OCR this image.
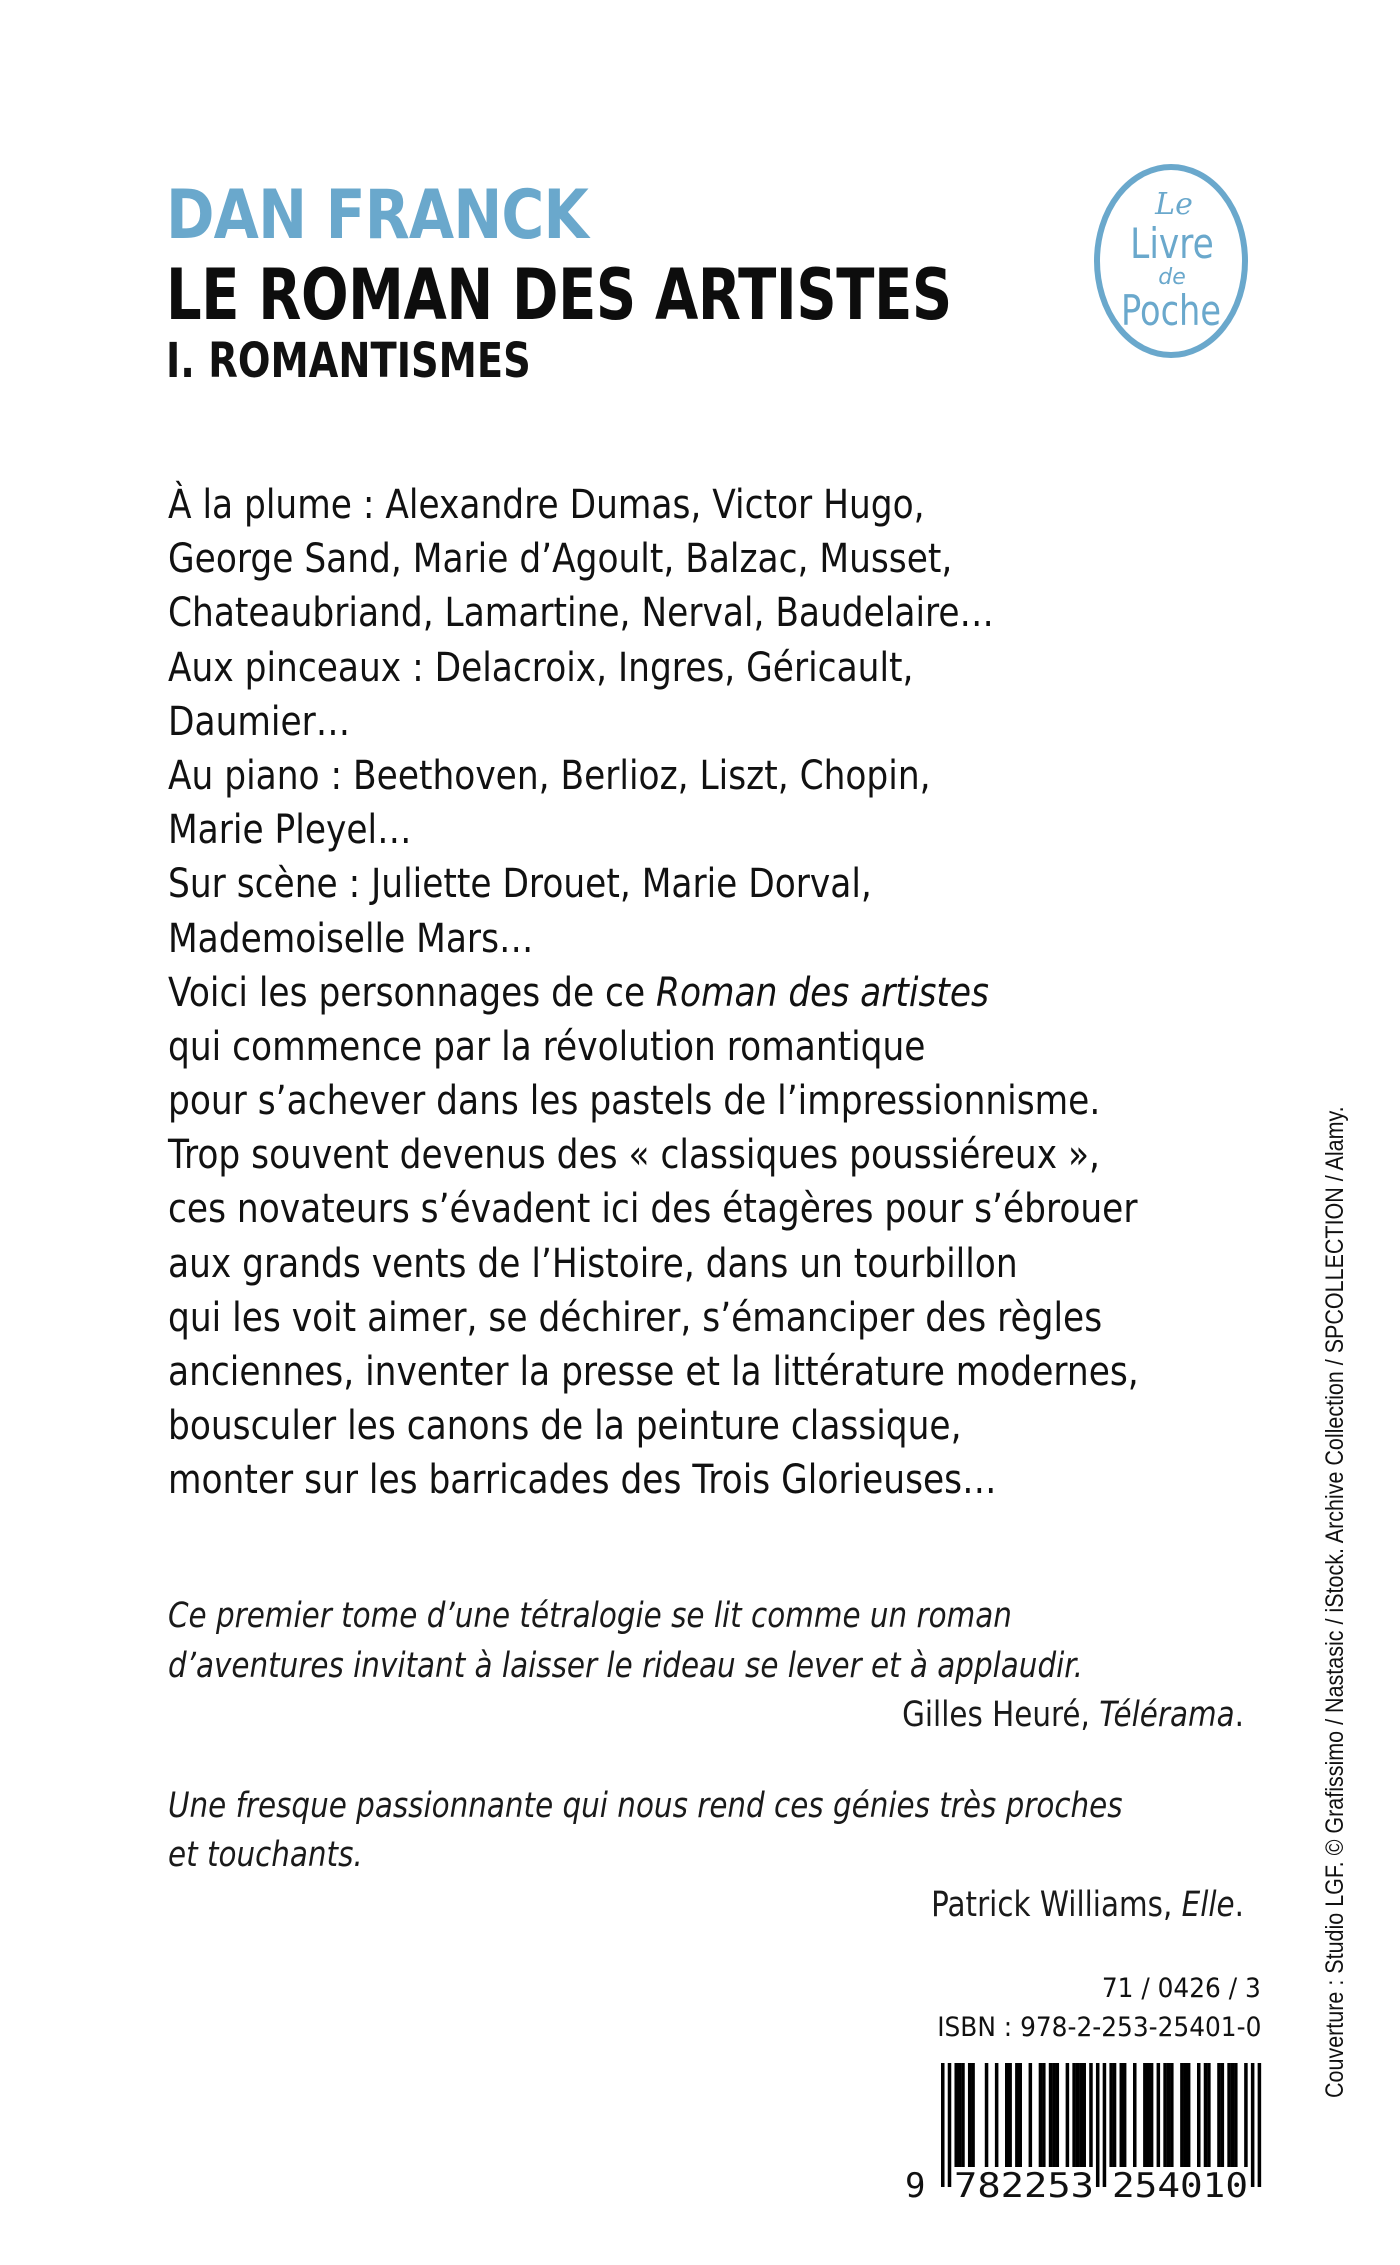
DAN FRANCK
LE ROMAN DES ARTISTES
I. ROMANTISMES
Le
Livre
de
Poche
À la plume : Alexandre Dumas, Victor Hugo,
George Sand, Marie d’Agoult, Balzac, Musset,
Chateaubriand, Lamartine, Nerval, Baudelaire…
Aux pinceaux : Delacroix, Ingres, Géricault,
Daumier…
Au piano : Beethoven, Berlioz, Liszt, Chopin,
Marie Pleyel…
Sur scène : Juliette Drouet, Marie Dorval,
Mademoiselle Mars…
Voici les personnages de ce Roman des artistes
qui commence par la révolution romantique
pour s’achever dans les pastels de l’impressionnisme.
Trop souvent devenus des « classiques poussiéreux »,
ces novateurs s’évadent ici des étagères pour s’ébrouer
aux grands vents de l’Histoire, dans un tourbillon
qui les voit aimer, se déchirer, s’émanciper des règles
anciennes, inventer la presse et la littérature modernes,
bousculer les canons de la peinture classique,
monter sur les barricades des Trois Glorieuses…
Ce premier tome d’une tétralogie se lit comme un roman
d’aventures invitant à laisser le rideau se lever et à applaudir.
Gilles Heuré, Télérama.
Une fresque passionnante qui nous rend ces génies très proches
et touchants.
Patrick Williams, Elle.
71 / 0426 / 3
ISBN : 978-2-253-25401-0
9 782253 254010
Couverture : Studio LGF. © Grafissimo / Nastasic / iStock. Archive Collection / SPCOLLECTION / Alamy.
